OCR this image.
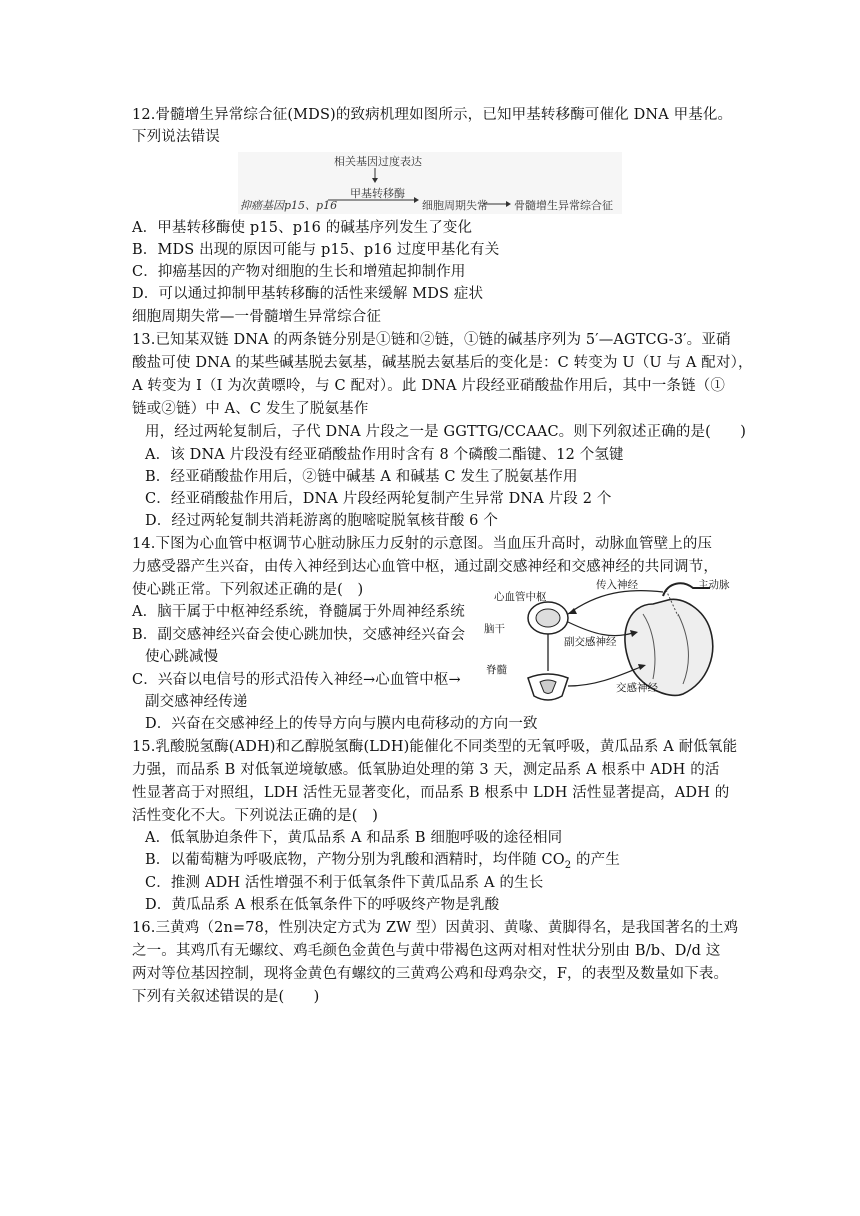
12.骨髓增生异常综合征(MDS)的致病机理如图所示，已知甲基转移酶可催化 DNA 甲基化。
下列说法错误
相关基因过度表达
甲基转移酶
抑癌基因p15、p16	细胞周期失常 骨髓增生异常综合征
A．甲基转移酶使 p15、p16 的碱基序列发生了变化
B．MDS 出现的原因可能与 p15、p16 过度甲基化有关
C．抑癌基因的产物对细胞的生长和增殖起抑制作用
D．可以通过抑制甲基转移酶的活性来缓解 MDS 症状
细胞周期失常—一骨髓增生异常综合征
13.已知某双链 DNA 的两条链分别是①链和②链，①链的碱基序列为 5′—AGTCG-3′。亚硝
酸盐可使 DNA 的某些碱基脱去氨基，碱基脱去氨基后的变化是：C 转变为 U（U 与 A 配对），
A 转变为 I（I 为次黄嘌呤，与 C 配对）。此 DNA 片段经亚硝酸盐作用后，其中一条链（①
链或②链）中 A、C 发生了脱氨基作
用，经过两轮复制后，子代 DNA 片段之一是 GGTTG/CCAAC。则下列叙述正确的是(　　)
A．该 DNA 片段没有经亚硝酸盐作用时含有 8 个磷酸二酯键、12 个氢键
B．经亚硝酸盐作用后，②链中碱基 A 和碱基 C 发生了脱氨基作用
C．经亚硝酸盐作用后，DNA 片段经两轮复制产生异常 DNA 片段 2 个
D．经过两轮复制共消耗游离的胞嘧啶脱氧核苷酸 6 个
14.下图为心血管中枢调节心脏动脉压力反射的示意图。当血压升高时，动脉血管壁上的压
力感受器产生兴奋，由传入神经到达心血管中枢，通过副交感神经和交感神经的共同调节，
使心跳正常。下列叙述正确的是(　)
A．脑干属于中枢神经系统，脊髓属于外周神经系统
B．副交感神经兴奋会使心跳加快，交感神经兴奋会
使心跳减慢
C．兴奋以电信号的形式沿传入神经→心血管中枢→
副交感神经传递
D．兴奋在交感神经上的传导方向与膜内电荷移动的方向一致
心血管中枢
传入神经	主动脉
脑干
副交感神经
脊髓
交感神经
15.乳酸脱氢酶(ADH)和乙醇脱氢酶(LDH)能催化不同类型的无氧呼吸，黄瓜品系 A 耐低氧能
力强，而品系 B 对低氧逆境敏感。低氧胁迫处理的第 3 天，测定品系 A 根系中 ADH 的活
性显著高于对照组，LDH 活性无显著变化，而品系 B 根系中 LDH 活性显著提高，ADH 的
活性变化不大。下列说法正确的是(　)
A．低氧胁迫条件下，黄瓜品系 A 和品系 B 细胞呼吸的途径相同
B．以葡萄糖为呼吸底物，产物分别为乳酸和酒精时，均伴随 $CO_2$ 的产生
C．推测 ADH 活性增强不利于低氧条件下黄瓜品系 A 的生长
D．黄瓜品系 A 根系在低氧条件下的呼吸终产物是乳酸
16.三黄鸡（2n=78，性别决定方式为 ZW 型）因黄羽、黄喙、黄脚得名，是我国著名的土鸡
之一。其鸡爪有无螺纹、鸡毛颜色金黄色与黄中带褐色这两对相对性状分别由 B/b、D/d 这
两对等位基因控制，现将金黄色有螺纹的三黄鸡公鸡和母鸡杂交，F，的表型及数量如下表。
下列有关叙述错误的是(　　)
